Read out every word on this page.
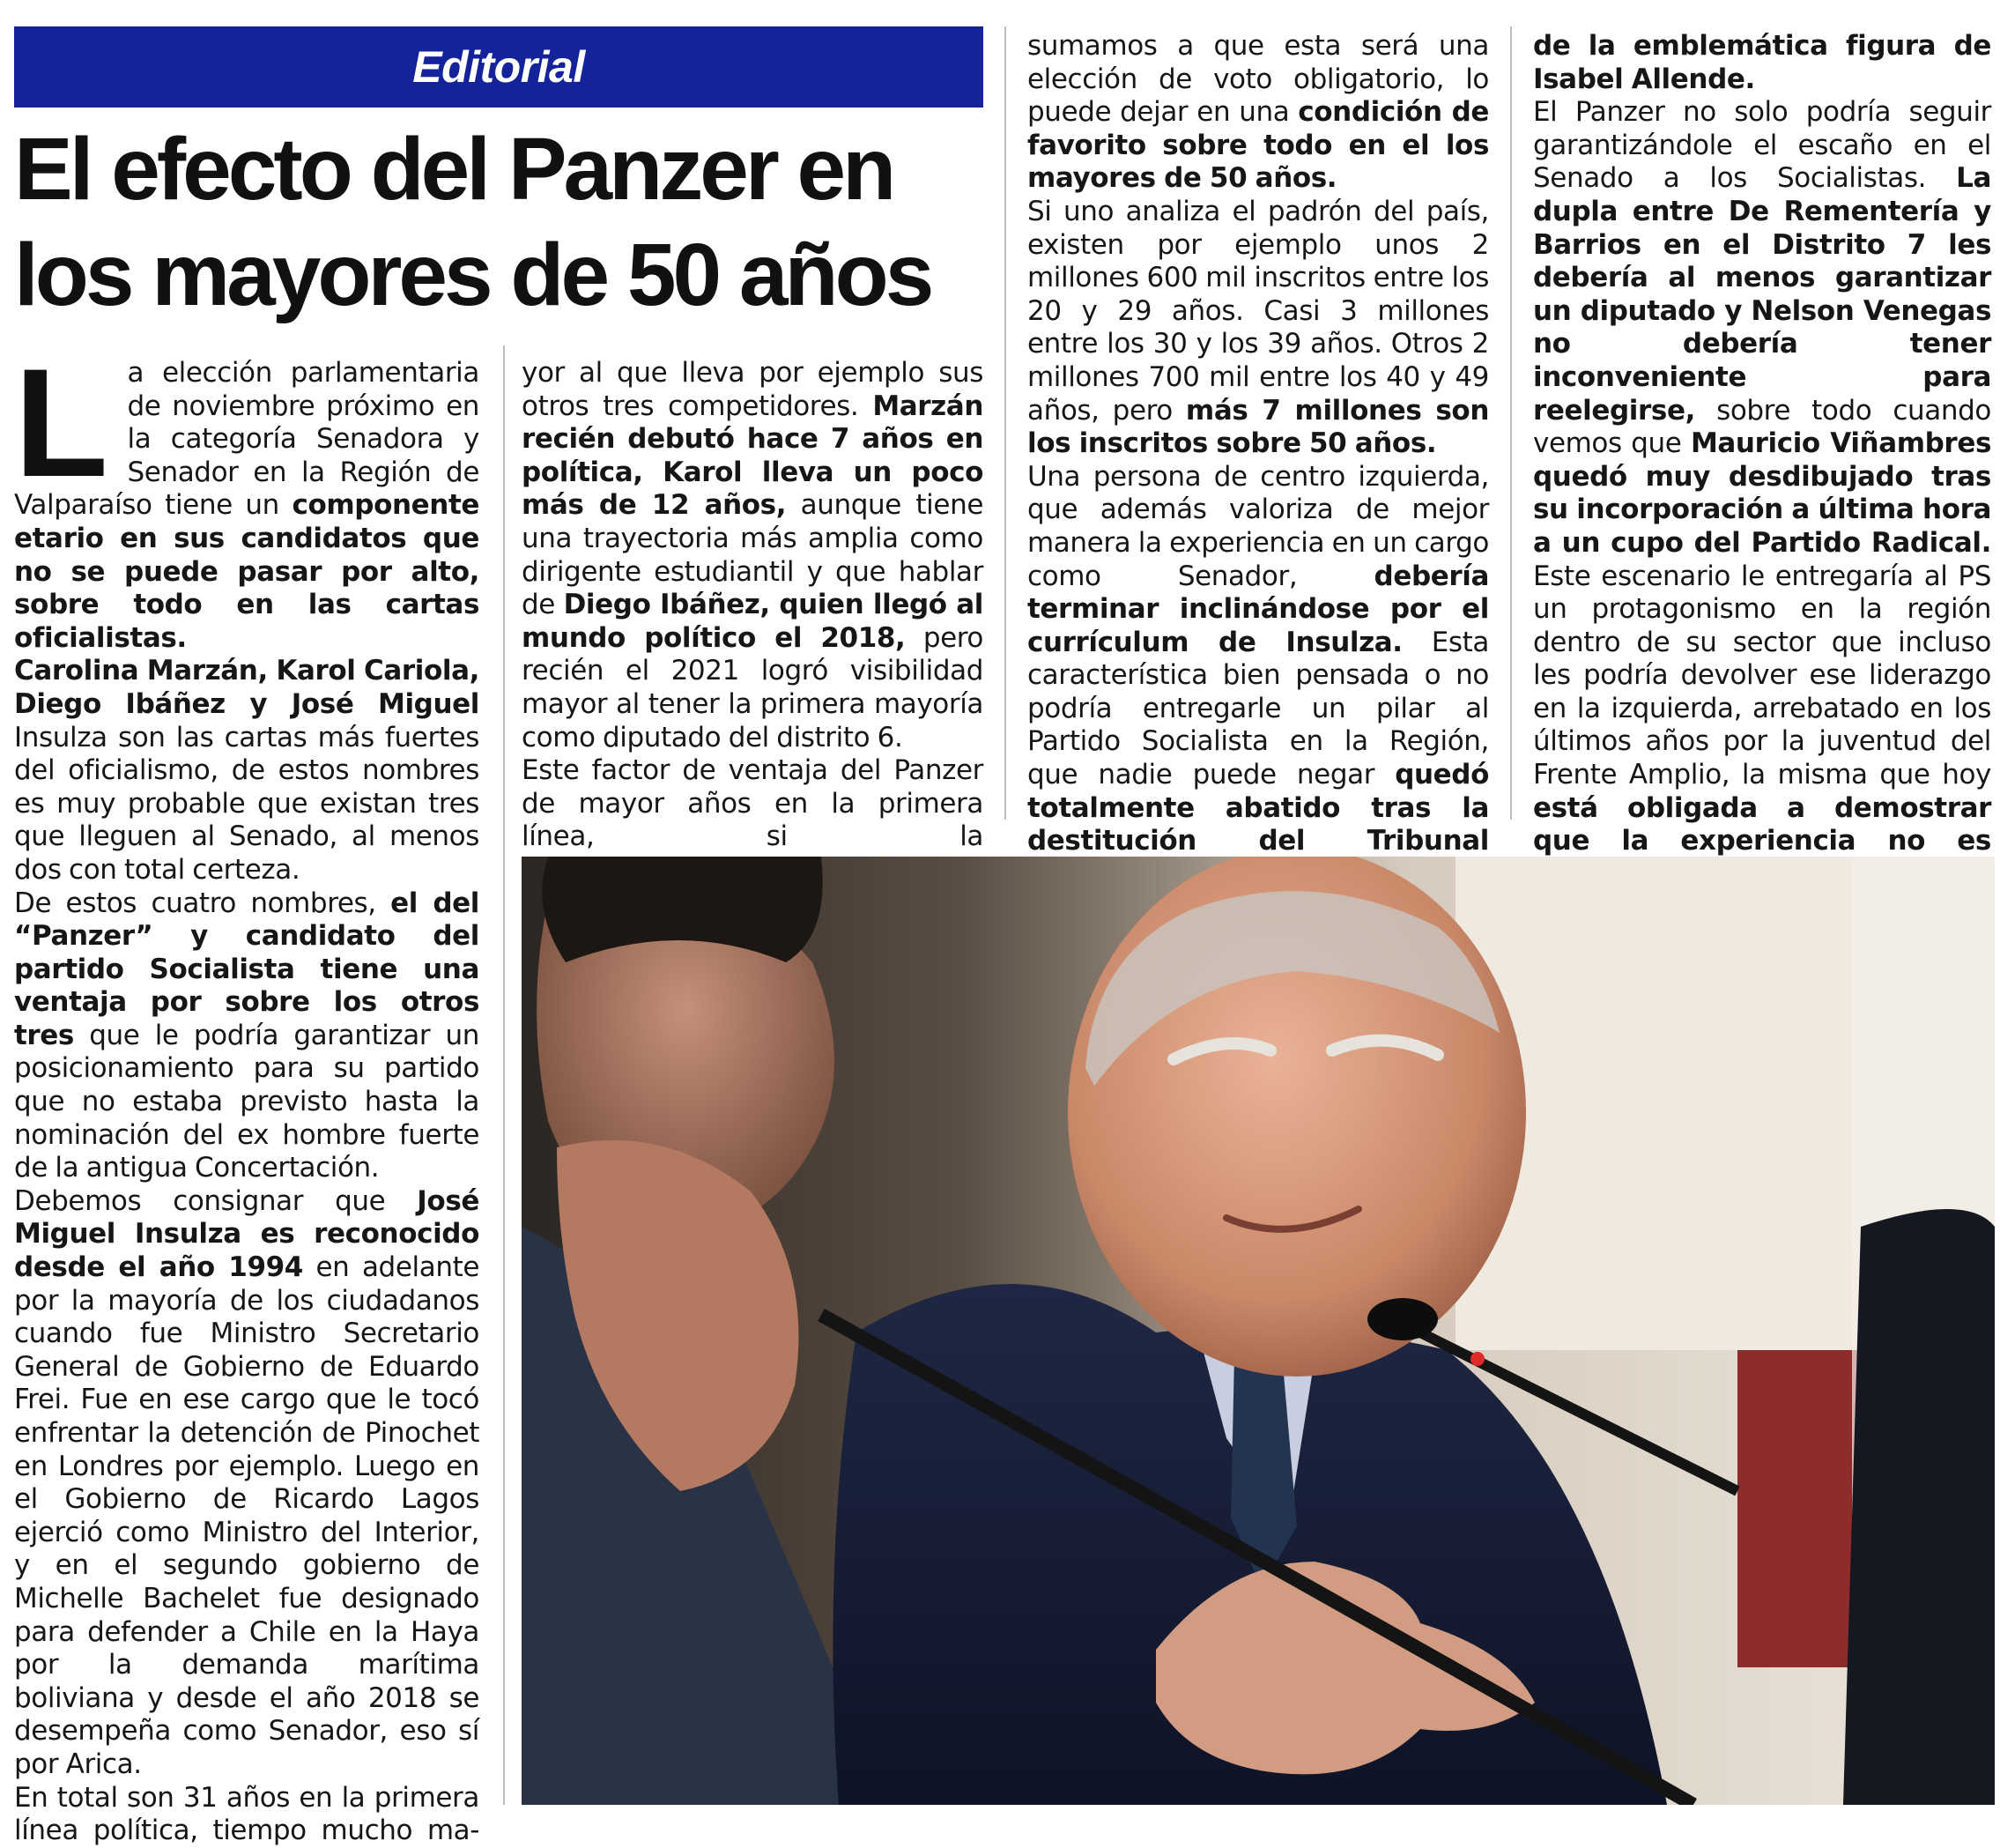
Editorial
El efecto del Panzer en los mayores de 50 años

La elección parlamentaria de noviembre próximo en la categoría Senadora y Senador en la Región de Valparaíso tiene un componente etario en sus candidatos que no se puede pasar por alto, sobre todo en las cartas oficialistas.

Carolina Marzán, Karol Cariola, Diego Ibáñez y José Miguel Insulza son las cartas más fuertes del oficialismo, de estos nombres es muy probable que existan tres que lleguen al Senado, al menos dos con total certeza.

De estos cuatro nombres, el del “Panzer” y candidato del partido Socialista tiene una ventaja por sobre los otros tres que le podría garantizar un posicionamiento para su partido que no estaba previsto hasta la nominación del ex hombre fuerte de la antigua Concertación.

Debemos consignar que José Miguel Insulza es reconocido desde el año 1994 en adelante por la mayoría de los ciudadanos cuando fue Ministro Secretario General de Gobierno de Eduardo Frei. Fue en ese cargo que le tocó enfrentar la detención de Pinochet en Londres por ejemplo. Luego en el Gobierno de Ricardo Lagos ejerció como Ministro del Interior, y en el segundo gobierno de Michelle Bachelet fue designado para defender a Chile en la Haya por la demanda marítima boliviana y desde el año 2018 se desempeña como Senador, eso sí por Arica.

En total son 31 años en la primera línea política, tiempo mucho ma-

yor al que lleva por ejemplo sus otros tres competidores. Marzán recién debutó hace 7 años en política, Karol lleva un poco más de 12 años, aunque tiene una trayectoria más amplia como dirigente estudiantil y que hablar de Diego Ibáñez, quien llegó al mundo político el 2018, pero recién el 2021 logró visibilidad mayor al tener la primera mayoría como diputado del distrito 6.

Este factor de ventaja del Panzer de mayor años en la primera línea, si la

sumamos a que esta será una elección de voto obligatorio, lo puede dejar en una condición de favorito sobre todo en el los mayores de 50 años.

Si uno analiza el padrón del país, existen por ejemplo unos 2 millones 600 mil inscritos entre los 20 y 29 años. Casi 3 millones entre los 30 y los 39 años. Otros 2 millones 700 mil entre los 40 y 49 años, pero más 7 millones son los inscritos sobre 50 años.

Una persona de centro izquierda, que además valoriza de mejor manera la experiencia en un cargo como Senador, debería terminar inclinándose por el currículum de Insulza. Esta característica bien pensada o no podría entregarle un pilar al Partido Socialista en la Región, que nadie puede negar quedó totalmente abatido tras la destitución del Tribunal

de la emblemática figura de Isabel Allende.

El Panzer no solo podría seguir garantizándole el escaño en el Senado a los Socialistas. La dupla entre De Rementería y Barrios en el Distrito 7 les debería al menos garantizar un diputado y Nelson Venegas no debería tener inconveniente para reelegirse, sobre todo cuando vemos que Mauricio Viñambres quedó muy desdibujado tras su incorporación a última hora a un cupo del Partido Radical. Este escenario le entregaría al PS un protagonismo en la región dentro de su sector que incluso les podría devolver ese liderazgo en la izquierda, arrebatado en los últimos años por la juventud del Frente Amplio, la misma que hoy está obligada a demostrar que la experiencia no es
